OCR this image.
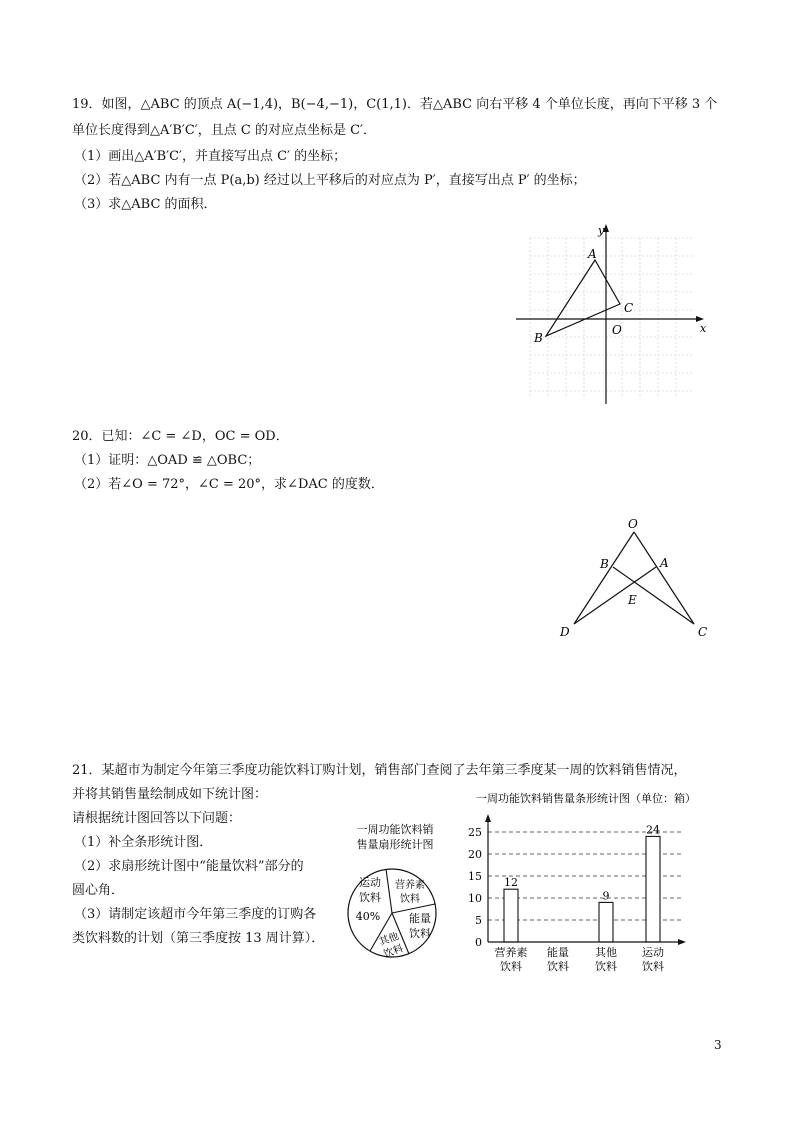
19．如图，△ABC 的顶点 A(−1,4)，B(−4,−1)，C(1,1)．若△ABC 向右平移 4 个单位长度，再向下平移 3 个
单位长度得到△A′B′C′，且点 C 的对应点坐标是 C′．
（1）画出△A′B′C′，并直接写出点 C′ 的坐标；
（2）若△ABC 内有一点 P(a,b) 经过以上平移后的对应点为 P′，直接写出点 P′ 的坐标；
（3）求△ABC 的面积．
x
y
O
A
B
C
20．已知：∠C = ∠D，OC = OD．
（1）证明：△OAD ≌ △OBC；
（2）若∠O = 72°，∠C = 20°，求∠DAC 的度数．
O
B	A
E
D	C
21．某超市为制定今年第三季度功能饮料订购计划，销售部门查阅了去年第三季度某一周的饮料销售情况，
并将其销售量绘制成如下统计图：
请根据统计图回答以下问题：
（1）补全条形统计图．
（2）求扇形统计图中“能量饮料”部分的
圆心角．
（3）请制定该超市今年第三季度的订购各
类饮料数的计划（第三季度按 13 周计算）．
一周功能饮料销
售量扇形统计图
运动
饮料
40%
营养素
饮料
能量
饮料
其他
饮料
一周功能饮料销售量条形统计图（单位：箱）
0
5
10
15
20
25
12
9
24
营养素
饮料
能量
饮料
其他
饮料
运动
饮料
3
